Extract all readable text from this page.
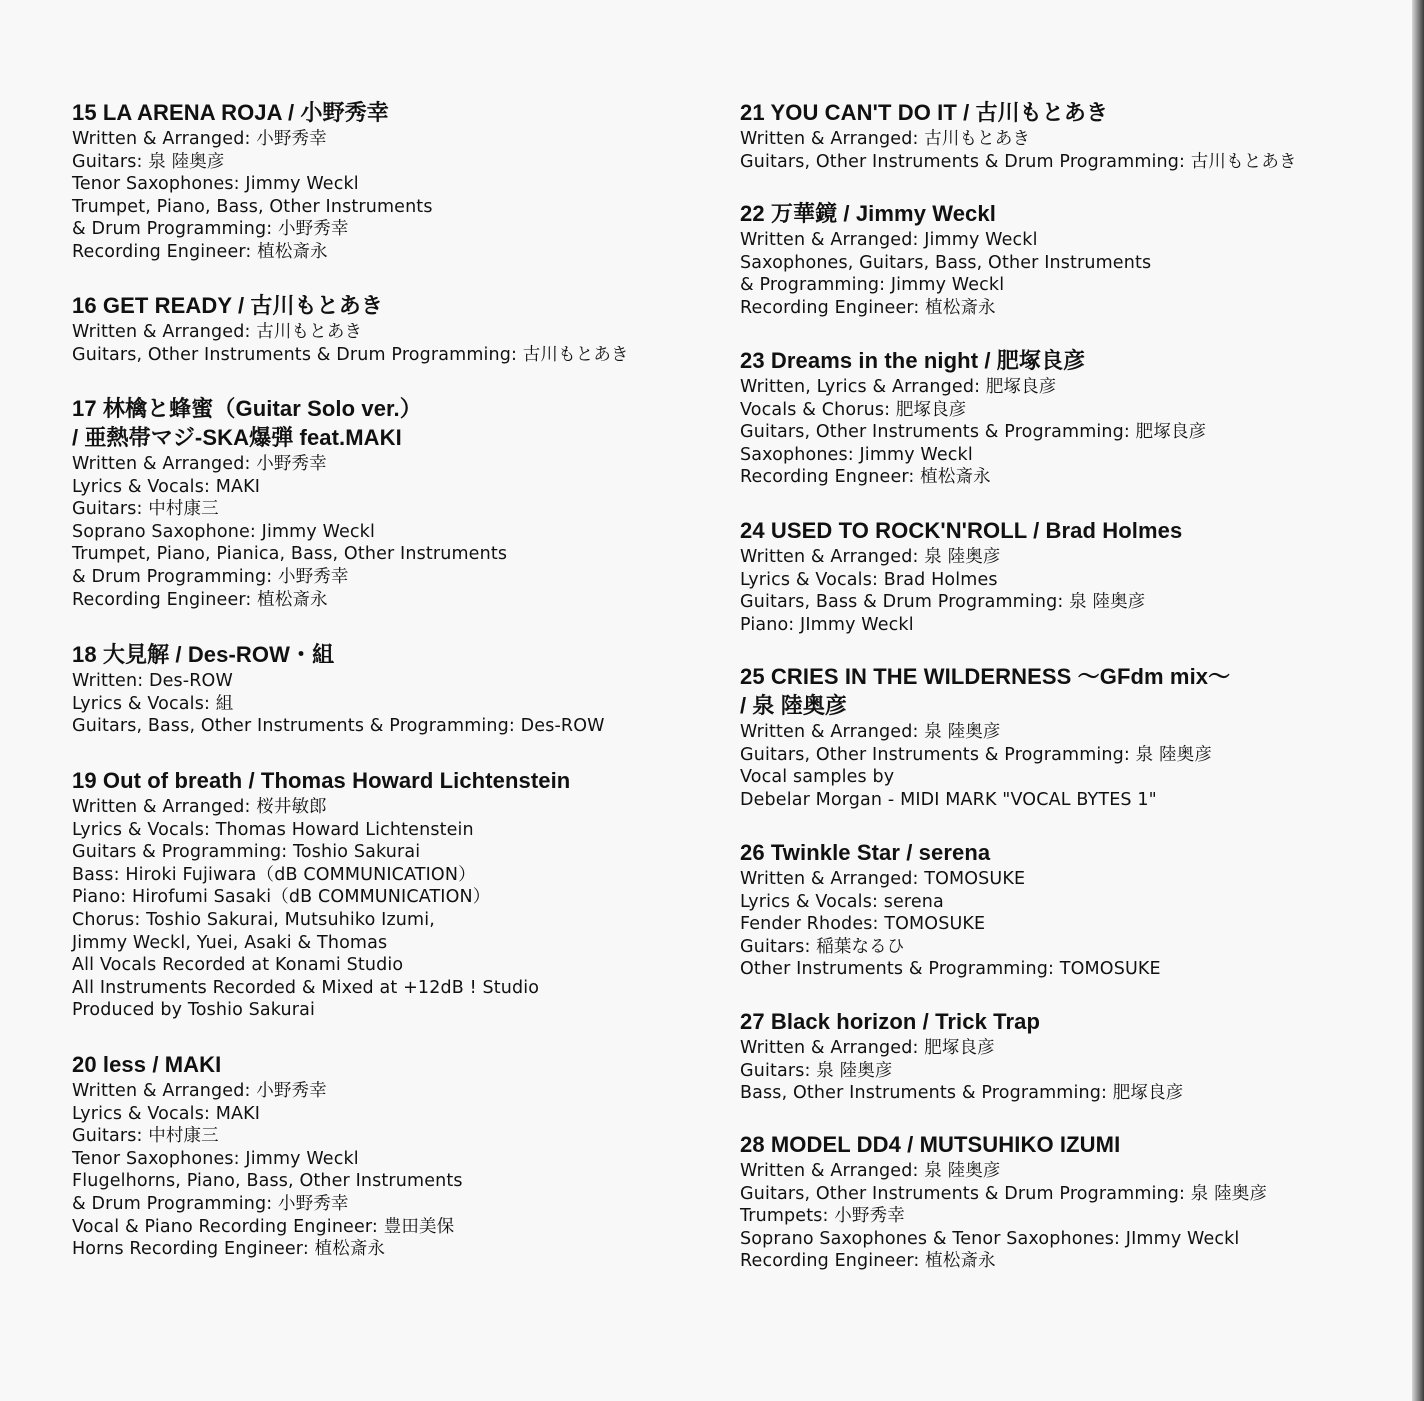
15 LA ARENA ROJA / 小野秀幸
Written & Arranged: 小野秀幸
Guitars: 泉 陸奥彦
Tenor Saxophones: Jimmy Weckl
Trumpet, Piano, Bass, Other Instruments
& Drum Programming: 小野秀幸
Recording Engineer: 植松斎永
16 GET READY / 古川もとあき
Written & Arranged: 古川もとあき
Guitars, Other Instruments & Drum Programming: 古川もとあき
17 林檎と蜂蜜（Guitar Solo ver.）
/ 亜熱帯マジ-SKA爆弾 feat.MAKI
Written & Arranged: 小野秀幸
Lyrics & Vocals: MAKI
Guitars: 中村康三
Soprano Saxophone: Jimmy Weckl
Trumpet, Piano, Pianica, Bass, Other Instruments
& Drum Programming: 小野秀幸
Recording Engineer: 植松斎永
18 大見解 / Des-ROW・組
Written: Des-ROW
Lyrics & Vocals: 組
Guitars, Bass, Other Instruments & Programming: Des-ROW
19 Out of breath / Thomas Howard Lichtenstein
Written & Arranged: 桜井敏郎
Lyrics & Vocals: Thomas Howard Lichtenstein
Guitars & Programming: Toshio Sakurai
Bass: Hiroki Fujiwara（dB COMMUNICATION）
Piano: Hirofumi Sasaki（dB COMMUNICATION）
Chorus: Toshio Sakurai, Mutsuhiko Izumi,
Jimmy Weckl, Yuei, Asaki & Thomas
All Vocals Recorded at Konami Studio
All Instruments Recorded & Mixed at +12dB ! Studio
Produced by Toshio Sakurai
20 less / MAKI
Written & Arranged: 小野秀幸
Lyrics & Vocals: MAKI
Guitars: 中村康三
Tenor Saxophones: Jimmy Weckl
Flugelhorns, Piano, Bass, Other Instruments
& Drum Programming: 小野秀幸
Vocal & Piano Recording Engineer: 豊田美保
Horns Recording Engineer: 植松斎永
21 YOU CAN'T DO IT / 古川もとあき
Written & Arranged: 古川もとあき
Guitars, Other Instruments & Drum Programming: 古川もとあき
22 万華鏡 / Jimmy Weckl
Written & Arranged: Jimmy Weckl
Saxophones, Guitars, Bass, Other Instruments
& Programming: Jimmy Weckl
Recording Engineer: 植松斎永
23 Dreams in the night / 肥塚良彦
Written, Lyrics & Arranged: 肥塚良彦
Vocals & Chorus: 肥塚良彦
Guitars, Other Instruments & Programming: 肥塚良彦
Saxophones: Jimmy Weckl
Recording Engneer: 植松斎永
24 USED TO ROCK'N'ROLL / Brad Holmes
Written & Arranged: 泉 陸奥彦
Lyrics & Vocals: Brad Holmes
Guitars, Bass & Drum Programming: 泉 陸奥彦
Piano: JImmy Weckl
25 CRIES IN THE WILDERNESS 〜GFdm mix〜
/ 泉 陸奥彦
Written & Arranged: 泉 陸奥彦
Guitars, Other Instruments & Programming: 泉 陸奥彦
Vocal samples by
Debelar Morgan - MIDI MARK "VOCAL BYTES 1"
26 Twinkle Star / serena
Written & Arranged: TOMOSUKE
Lyrics & Vocals: serena
Fender Rhodes: TOMOSUKE
Guitars: 稲葉なるひ
Other Instruments & Programming: TOMOSUKE
27 Black horizon / Trick Trap
Written & Arranged: 肥塚良彦
Guitars: 泉 陸奥彦
Bass, Other Instruments & Programming: 肥塚良彦
28 MODEL DD4 / MUTSUHIKO IZUMI
Written & Arranged: 泉 陸奥彦
Guitars, Other Instruments & Drum Programming: 泉 陸奥彦
Trumpets: 小野秀幸
Soprano Saxophones & Tenor Saxophones: JImmy Weckl
Recording Engineer: 植松斎永
